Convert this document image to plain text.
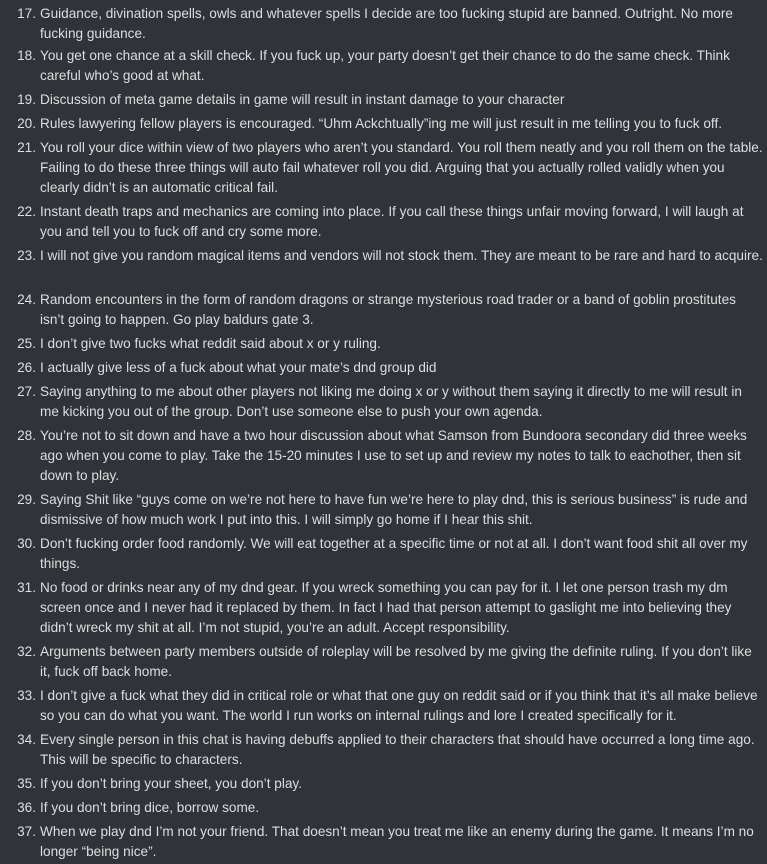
17. Guidance, divination spells, owls and whatever spells I decide are too fucking stupid are banned. Outright. No more fucking guidance.
18. You get one chance at a skill check. If you fuck up, your party doesn’t get their chance to do the same check. Think careful who’s good at what.
19. Discussion of meta game details in game will result in instant damage to your character
20. Rules lawyering fellow players is encouraged. “Uhm Ackchtually”ing me will just result in me telling you to fuck off.
21. You roll your dice within view of two players who aren’t you standard. You roll them neatly and you roll them on the table. Failing to do these three things will auto fail whatever roll you did. Arguing that you actually rolled validly when you clearly didn’t is an automatic critical fail.
22. Instant death traps and mechanics are coming into place. If you call these things unfair moving forward, I will laugh at you and tell you to fuck off and cry some more.
23. I will not give you random magical items and vendors will not stock them. They are meant to be rare and hard to acquire.
24. Random encounters in the form of random dragons or strange mysterious road trader or a band of goblin prostitutes isn’t going to happen. Go play baldurs gate 3.
25. I don’t give two fucks what reddit said about x or y ruling.
26. I actually give less of a fuck about what your mate’s dnd group did
27. Saying anything to me about other players not liking me doing x or y without them saying it directly to me will result in me kicking you out of the group. Don’t use someone else to push your own agenda.
28. You’re not to sit down and have a two hour discussion about what Samson from Bundoora secondary did three weeks ago when you come to play. Take the 15-20 minutes I use to set up and review my notes to talk to eachother, then sit down to play.
29. Saying Shit like “guys come on we’re not here to have fun we’re here to play dnd, this is serious business” is rude and dismissive of how much work I put into this. I will simply go home if I hear this shit.
30. Don’t fucking order food randomly. We will eat together at a specific time or not at all. I don’t want food shit all over my things.
31. No food or drinks near any of my dnd gear. If you wreck something you can pay for it. I let one person trash my dm screen once and I never had it replaced by them. In fact I had that person attempt to gaslight me into believing they didn’t wreck my shit at all. I’m not stupid, you’re an adult. Accept responsibility.
32. Arguments between party members outside of roleplay will be resolved by me giving the definite ruling. If you don’t like it, fuck off back home.
33. I don’t give a fuck what they did in critical role or what that one guy on reddit said or if you think that it’s all make believe so you can do what you want. The world I run works on internal rulings and lore I created specifically for it.
34. Every single person in this chat is having debuffs applied to their characters that should have occurred a long time ago. This will be specific to characters.
35. If you don’t bring your sheet, you don’t play.
36. If you don’t bring dice, borrow some.
37. When we play dnd I’m not your friend. That doesn’t mean you treat me like an enemy during the game. It means I’m no longer “being nice”.
